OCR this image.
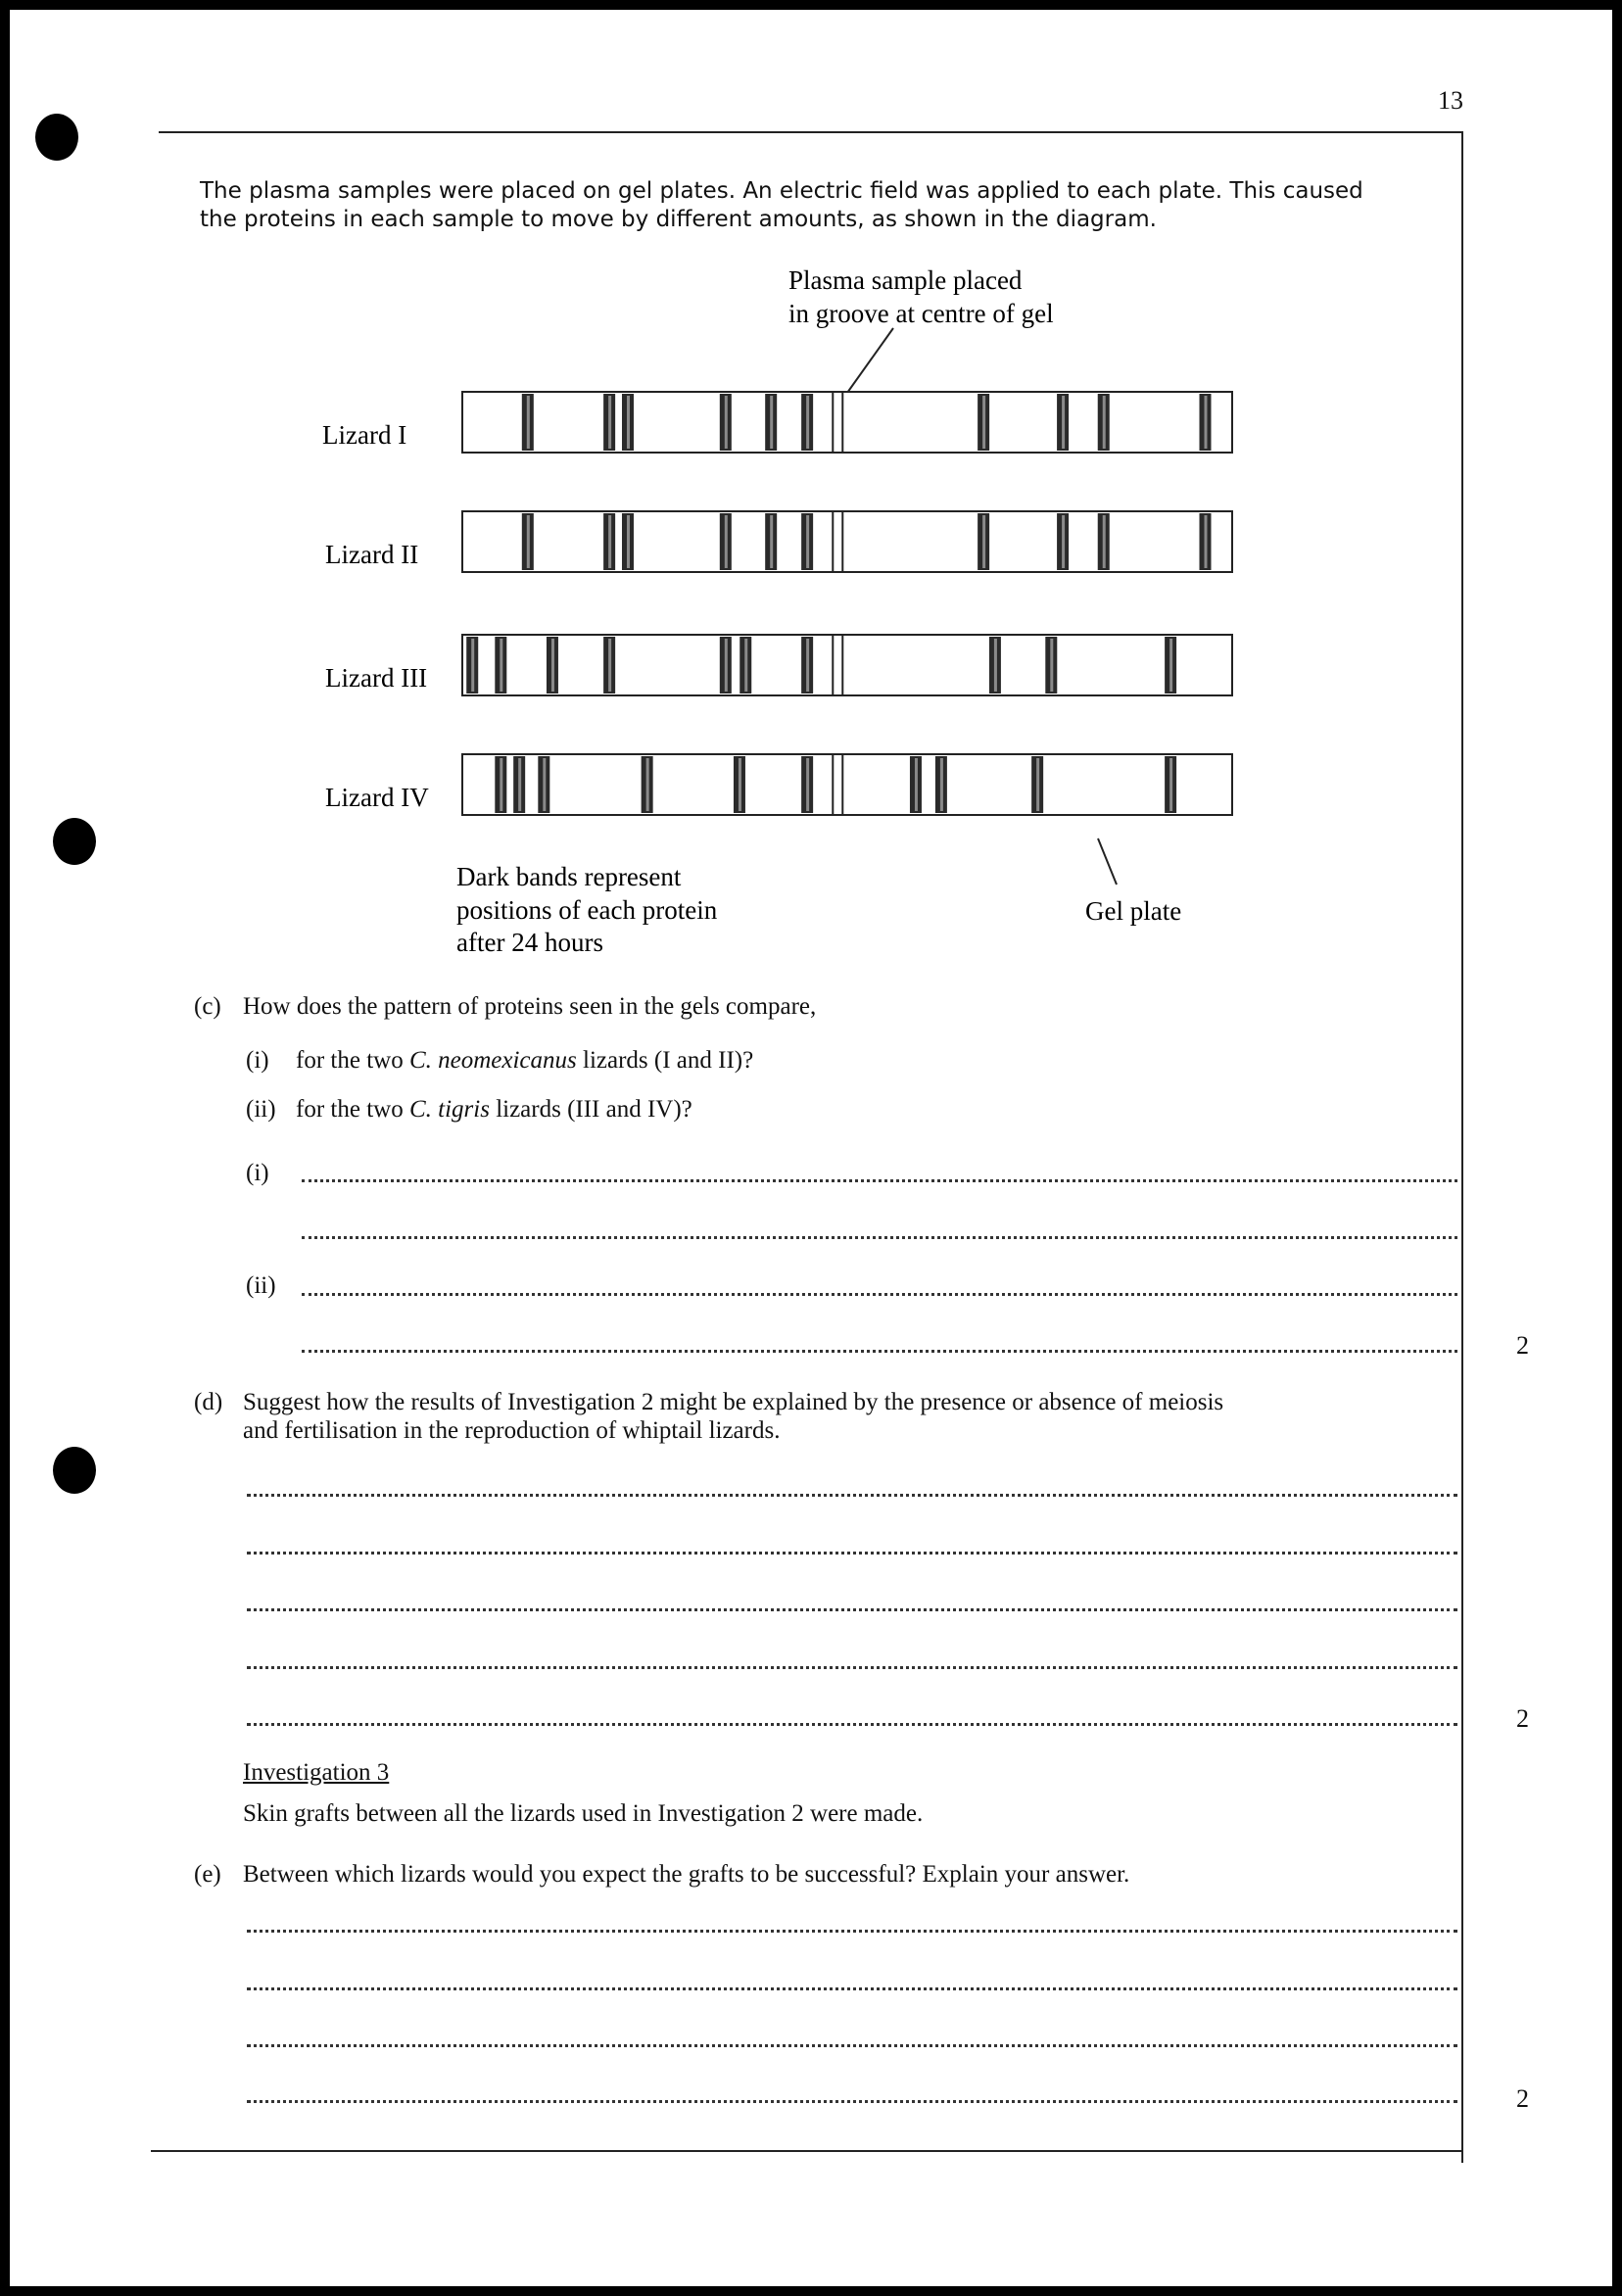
13
The plasma samples were placed on gel plates. An electric field was applied to each plate. This caused
the proteins in each sample to move by different amounts, as shown in the diagram.
Plasma sample placed
in groove at centre of gel
Lizard I
Lizard II
Lizard III
Lizard IV
Dark bands represent
positions of each protein
after 24 hours
Gel plate
(c) How does the pattern of proteins seen in the gels compare,
(i) for the two C. neomexicanus lizards (I and II)?
(ii) for the two C. tigris lizards (III and IV)?
(i)
(ii)
2
(d) Suggest how the results of Investigation 2 might be explained by the presence or absence of meiosis
and fertilisation in the reproduction of whiptail lizards.
2
Investigation 3
Skin grafts between all the lizards used in Investigation 2 were made.
(e) Between which lizards would you expect the grafts to be successful? Explain your answer.
2
